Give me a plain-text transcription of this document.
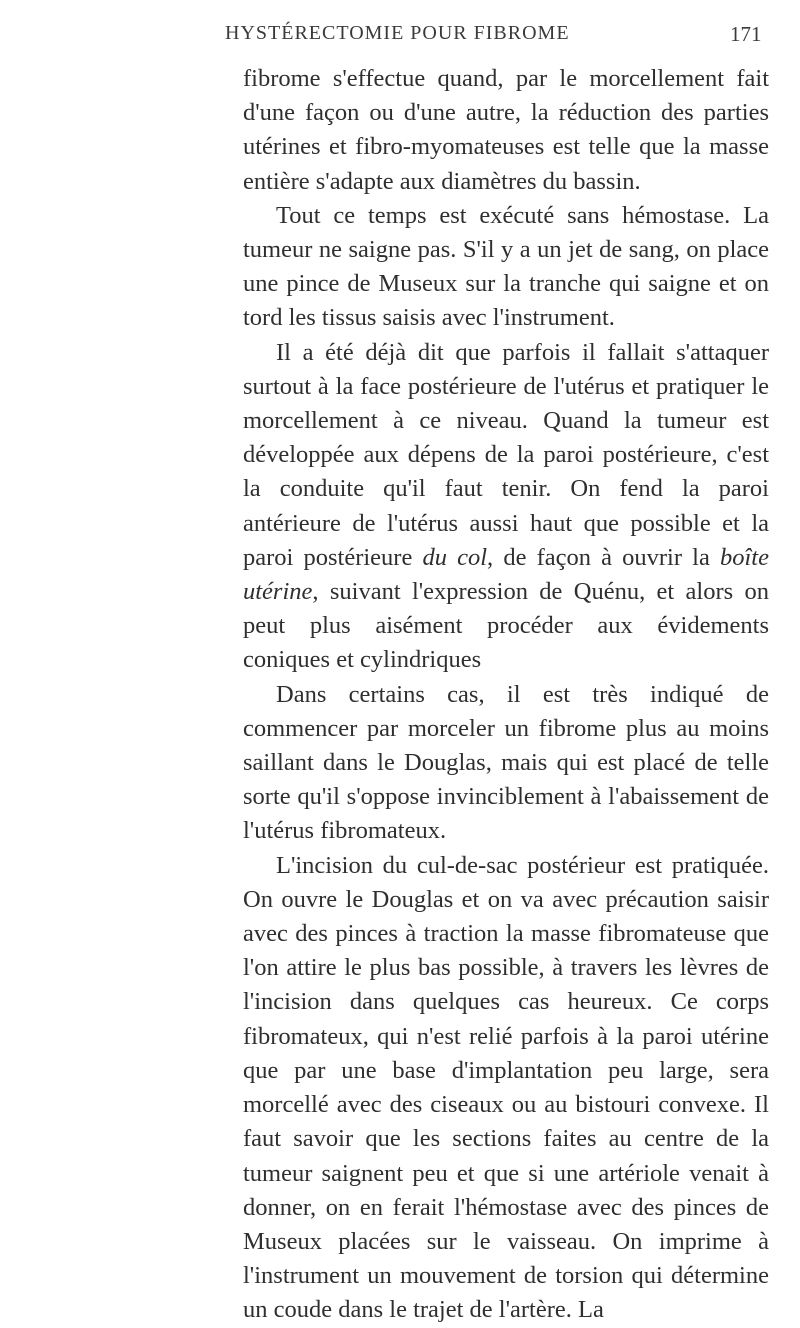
HYSTÉRECTOMIE POUR FIBROME	171

fibrome s'effectue quand, par le morcellement fait d'une façon ou d'une autre, la réduction des parties utérines et fibro-myomateuses est telle que la masse entière s'adapte aux diamètres du bassin.

Tout ce temps est exécuté sans hémostase. La tumeur ne saigne pas. S'il y a un jet de sang, on place une pince de Museux sur la tranche qui saigne et on tord les tissus saisis avec l'instrument.

Il a été déjà dit que parfois il fallait s'attaquer surtout à la face postérieure de l'utérus et pratiquer le morcellement à ce niveau. Quand la tumeur est développée aux dépens de la paroi postérieure, c'est la conduite qu'il faut tenir. On fend la paroi antérieure de l'utérus aussi haut que possible et la paroi postérieure du col, de façon à ouvrir la boîte utérine, suivant l'expression de Quénu, et alors on peut plus aisément procéder aux évidements coniques et cylindriques

Dans certains cas, il est très indiqué de commencer par morceler un fibrome plus au moins saillant dans le Douglas, mais qui est placé de telle sorte qu'il s'oppose invinciblement à l'abaissement de l'utérus fibromateux.

L'incision du cul-de-sac postérieur est pratiquée. On ouvre le Douglas et on va avec précaution saisir avec des pinces à traction la masse fibromateuse que l'on attire le plus bas possible, à travers les lèvres de l'incision dans quelques cas heureux. Ce corps fibromateux, qui n'est relié parfois à la paroi utérine que par une base d'implantation peu large, sera morcellé avec des ciseaux ou au bistouri convexe. Il faut savoir que les sections faites au centre de la tumeur saignent peu et que si une artériole venait à donner, on en ferait l'hémostase avec des pinces de Museux placées sur le vaisseau. On imprime à l'instrument un mouvement de torsion qui détermine un coude dans le trajet de l'artère. La
